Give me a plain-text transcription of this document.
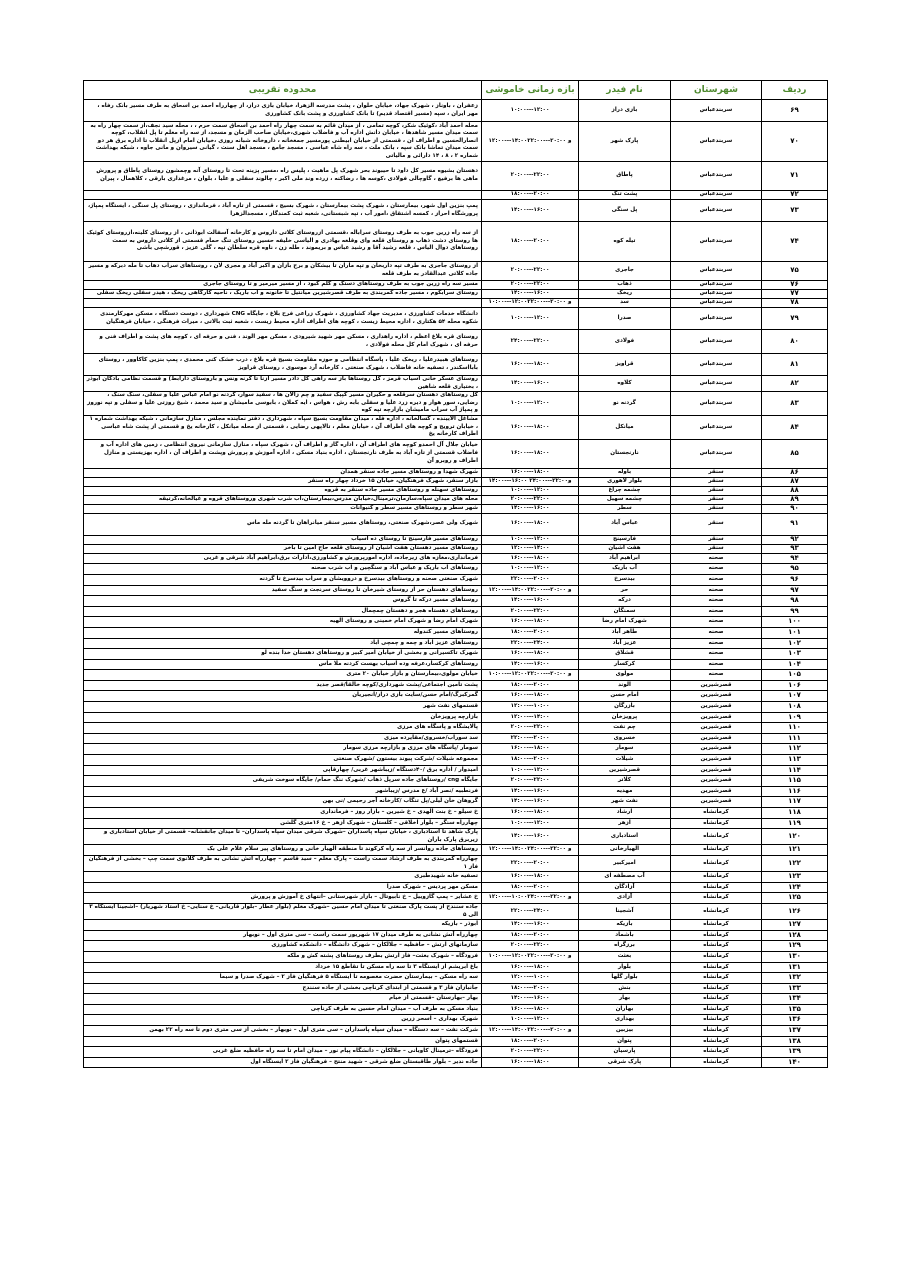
ردیف	شهرستان	نام فیدر	بازه زمانی خاموشی	محدوده تقریبی
۶۹	سربندعباس	بازی دراز	۱۰:۰۰---۱۲:۰۰	زعفران ، باوناز ، شهرک جهاد، خیابان حلوان ، پشت مدرسه الزهرا، خیابان بازی دراز، از چهارراه احمد بن اسحاق به طرف مسیر بانک رفاه ، مهر ایران ، سپه (مسیر اقتصاد قدیم) تا بانک کشاورزی و پشت بانک کشاورزی
۷۰	سربندعباس	پارک شهر	۱۲:۰۰---۱۴:۰۰و ۲۰:۰۰---۲۲:۰۰	محله احمد آباد ،کوئیک شکر، کوچه تمامی ، از میدان قائم به سمت چهار راه احمد بن اسحاق سمت حرم ، ، محله سید نجف،از سمت چهار راه به سمت میدان مسیر شاهدها ، خیابان دانش اداره آب و فاضلاب شهری،خیابان صاحب الزمان و مسجد، از سه راه معلم تا پل انقلاب، کوچه انصارالحسین و اطراف ان ، قسمتی از خیابان ابیطنی پورمسیر جمعخانه ، داروخانه شبانه روزی ،خیابان امام ازپل انقلاب تا اداره برق هر دو سمت میدان تماشا بانک سپه ، بانک ملت ، سه راه شاه عباسی ، مسجد جامع ، مسجد اهل سنت ، گیانی سیروان و مانی جاوه ، شبکه بهداشت شماره ۲ ، ۸ ، ۱۴ دارائی و مالیاتی
۷۱	سربندعباس	پاطاق	۲۰:۰۰---۲۲:۰۰	دهستان بشیوه مسیر کل داود تا حیبوند بحر شهرک پل ماهیت ، پلیس راه ،مسیر پزینه تحت تا روستای آنه وچمشون روستای پاطاق و پرورش ماهی ها برفیع ، گاوچالی فولادی ،کوسه ها ، رضاکنه ، زرده وند ملی اکبر ، چالوند سفلی و علیا ، بلوان ، مرغداری بارقی ، کلاهمال ، پیران
۷۲	سربندعباس	پشت تنگ	۱۸:۰۰---۲۰:۰۰	
۷۳	سربندعباس	پل سنگی	۱۴:۰۰---۱۶:۰۰	پمپ بنزین اول شهر، بیمارستان ، شهرک پشت بیمارستان ، شهرک بسیج ، قسمتی از تازه آباد ، فرماندازی ، روستای پل سنگی ، ایستگاه پمپاژ، پرورشگاه احراز ، کمسه اشتقاق ،امور آب ، تپه شبستانی، شعبه ثبت کمندگاز ، مسجدالزهرا
۷۴	سربندعباس	تیله کوه	۱۸:۰۰---۲۰:۰۰	از سه راه زرین جوب به طرف روستای سراباله ،قسمتی ازروستای کلاتی داروس و کارخانه آسفالت ابوذانی ، از روستای کلینه،ازروستای کوئیک ها روستای دشت ذهاب و روستای قلعه وای وقلعه بهادری و الیاسی خلیفه حسین روستای تنگ حمام قسمتی از کلاتی داروس به سمت روستاهای دوال الیاس ، قلعه رشید آقا و رشید عباس و بریموند ، طله زن ، ناوه قره سلطان تپه ، گلی عزیز ، قورشچی باشی
۷۵	سربندعباس	جاجری	۲۰:۰۰---۲۲:۰۰	از روستای جاجری به طرف تپه داربخان و تپه ماران تا بیشکان و برج بازان و اکبر آباد و مجری لان ، روستاهای سراب دهاب تا مله دبرکه و مسیر جاده کلاتی عبدالقادر به طرف قلعه
۷۶	سربندعباس	ذهاب	۲۰:۰۰---۲۲:۰۰	مسیر سه راه زرین جوب به طرف روستاهای دستگ و گلم کبود ، از مسیر میرمیر و تا روستای جاجری
۷۷	سربندعباس	ریخک	۱۴:۰۰---۱۶:۰۰	روستای سرابکوم ، مسیر جاده کمربندی به طرف قصرشیرین میانتیل تا خانونه و اب باریک ، ناحیه کارگاهی ریخک ، هیدر سفلی ریخک سفلی
۷۸	سربندعباس	سد	۱۰:۰۰---۱۲:۰۰و ۲۰:۰۰---۲۲:۰۰	
۷۹	سربندعباس	صدرا	۱۰:۰۰---۱۲:۰۰	دانشگاه خدمات کشاورزی ، مدیریت جهاد کشاورزی ، شهرک زراعی فرح بلاغ ، جایگاه CNG شهرداری ، دوست دستگاه ، مسکن مهرکارمندی شکوه محله ۵۴ هکتاری ، اداره محیط زیست ، کوچه های اطراف اداره محیط زیست ، شعبه ثبت بالاتی ، میراث فرهنگی ، خیابان فرهنگیان
۸۰	سربندعباس	فولادی	۲۴:۰۰---۲۲:۰۰	روستای قره بلاغ اعظم ، اداره راهداری ، مسکن مهر شهید شیرودی ، مسکن مهر الوند ، فنی و حرفه ای ، کوچه های پشت و اطراف فنی و حرفه ای ، شهرک امام کل محله فولادی ،
۸۱	سربندعباس	قراویز	۱۶:۰۰---۱۸:۰۰	روستاهای هبیدرعلیا ، ریخک علیا ، پاسگاه انتظامی و حوزه مقاومت بسیج قره بلاغ ، درب خشک کنی محمدی ، پمپ بنزین کاکاوور ، روستای بابااسکندر ، تصفیه خانه فاضلاب ، شهرک صنعتی ، کارخانه آرد موسوی ، روستای قراویز
۸۲	سربندعباس	کلاوه	۱۴:۰۰---۱۶:۰۰	روستای عسکر خانی آسیاب قرمز ، کل روستاها باز سه راهی کل دادر مسیر ازنا تا کرنه ونس و باروستای دارابط) و قسمت نظامی بادگان ابوذر ، بختیاری قلعه شاهین
۸۳	سربندعباس	گردنه نو	۱۰:۰۰---۱۲:۰۰	کل روستاهای دهستان سرقلعه و حکیران مسیر کپیک سفید و چم زالان ها ، سفید سوار، گردنه نو آمام عباس علیا و سفلی، سنگ سنگ ، رضایی، سور هوار و دیره زرد علیا و سفلی بابه رش ، هواس ، ایه کملان ، بابوسی مامیشان و سید محمد ، شیخ روزتی علیا و سفلی و تپه نوروز و پمپاژ آب سراب مامیشان بازارچه تپه کوه
۸۴	سربندعباس	میانکل	۱۶:۰۰---۱۸:۰۰	مشاغل آلایینده ، گسالخانه ، اداره فله ، میدان مقاومت بسیج سپاه ، شهرداری ، دفتر نماینده مجلس ، منازل سازمانی ، شبکه بهداشت شماره ۱ ، خیابان ترویج و کوچه های اطراف آن ، خیابان معلم ، تالاپهی رضایی ، قسمتی از محله میانکل ، کارخانه یخ و قسمتی از پشت شاه عباسی اطراف کارخانه یخ
۸۵	سربندعباس	نارنجستان	۱۶:۰۰---۱۸:۰۰	خیابان جلال آل احمدو کوچه های اطراف آن ، اداره گاز و اطراف آن ، شهرک سپاه ، منازل سازمانی نیروی انتظامی ، زمین های اداره آب و فاضلاب قسمتی از تازه آباد به طرف نارنجستان ، اداره بنیاد مسکن ، اداره آموزش و پرورش وپشت و اطراف آن ، اداره بهزیستی و منازل اطراف و روبرو آن
۸۶	سنقر	باوله	۱۶:۰۰---۱۸:۰۰	شهرک شهدا و روستاهای مسیر جاده سنقر همدان
۸۷	سنقر	بلوار لاهوری	۱۴:۰۰---۱۶:۰۰ و۲۲:۰۰---۲۴:۰۰	بازار سنقر، شهرک فرهنگیان، خیابان ۱۵ خرداد چهار راه سنقر
۸۸	سنقر	چشمه چراغ	۱۰:۰۰---۱۲:۰۰	روستاهای سهنله و روستاهای مسیر جاده سنقر به قروه
۸۹	سنقر	چشمه سهیل	۲۰:۰۰---۲۲:۰۰	محله های میدان سپاه،سازمان،ترمینال،خیابان مدرس،بیمارستان،اب شرب شهری وروستاهای قروه و غیالخانه،کرتیقه
۹۰	سنقر	سطر	۱۴:۰۰---۱۶:۰۰	شهر سطر و روستاهای مسیر سطر و کنیوانات
۹۱	سنقر	عباس آباد	۱۶:۰۰---۱۸:۰۰	شهرک ولی عصر،شهرک صنعتی، روستاهای مسیر سنقر میانراهان تا گردنه مله ماس
۹۲	سنقر	فارسینج	۱۰:۰۰---۱۲:۰۰	روستاهای مسیر فارسینج تا روستای ده اسیاب
۹۳	سنقر	هفت آشیان	۱۲:۰۰---۱۴:۰۰	روستاهای مسیر دهستان هفت آشیان از روستای قلعه حاج امین تا باخر
۹۴	صحنه	ابراهیم آباد	۱۶:۰۰---۱۸:۰۰	فرمانداری،مغازه های زیرجاده، اداره امورپرورش و کشاورزی،ادارات برق،ابراهیم آباد شرقی و غربی
۹۵	صحنه	آب باریک	۱۰:۰۰---۱۲:۰۰	روستاهای اب باریک و عباس آباد و سنگچین و اب شرب صحنه
۹۶	صحنه	بیدسرخ	۲۲:۰۰---۲۰:۰۰	شهرک صنعتی صحنه و روستاهای بیدسرخ و دروویشان و سراب بیدسرخ تا گردنه
۹۷	صحنه	حر	۱۲:۰۰---۱۴:۰۰و ۲۰:۰۰---۲۲:۰۰	روستاهای دهستان حر از روستای شیرخان تا روستای سرنجت و سنگ سفید
۹۸	صحنه	درکه	۱۴:۰۰---۱۶:۰۰	روستاهای مسیر درکه تا گروس
۹۹	صحنه	سمنگان	۲۰:۰۰---۲۲:۰۰	روستاهای دهستاه هجر و دهستان چمچمال
۱۰۰	صحنه	شهرک امام رضا	۱۶:۰۰---۱۸:۰۰	شهرک امام رضا و شهرک امام خمینی و روستای الهیه
۱۰۱	صحنه	طاهر آباد	۱۸:۰۰---۲۰:۰۰	روستاهای مسیر کندوله
۱۰۲	صحنه	عزیز آباد	۲۲:۰۰---۲۴:۰۰	روستاهای عزیز اباد و چمه و چمچی اباد
۱۰۳	صحنه	قشلاق	۱۶:۰۰---۱۸:۰۰	شهرک تاکسیرانی و بخشی از خیابان امیر کبیر و روستاهای دهستان خدا بنده لو
۱۰۴	صحنه	کرکسار	۱۴:۰۰---۱۶:۰۰	روستاهای کرکسار،عرفه وده اسیاب بهست کردنه ملا ماس
۱۰۵	صحنه	مولوی	۱۰:۰۰---۱۲:۰۰و ۲۰:۰۰---۲۲:۰۰	خیابان مولوی،بیمارستان و بازار خیابان ۲۰ متری
۱۰۶	قصرشیرین	الوند	۱۸:۰۰---۲۰:۰۰	پشت تامین اجتماعی/پشت شهرداری/کوچه خالقا/قصر جدید
۱۰۷	قصرشیرین	امام حسن	۱۶:۰۰---۱۸:۰۰	گمرکبرگ/امام حسن/سایت بازی دراز/انجیریان
۱۰۸	قصرشیرین	بازرگان	۱۲:۰۰---۱۰:۰۰	قستمهای نفت شهر
۱۰۹	قصرشیرین	پرویزخان	۱۲:۰۰---۱۴:۰۰	بازارچه پرویزخان
۱۱۰	قصرشیرین	چم نفت	۲۰:۰۰---۲۲:۰۰	پالایشگاه و پاسگاه های مرزی
۱۱۱	قصرشیرین	خسروی	۲۲:۰۰---۲۰:۰۰	سد سوراب/خسروی/مقایرده میزی
۱۱۲	قصرشیرین	سومار	۱۶:۰۰---۱۸:۰۰	سومار /پاسگاه های مرزی و بازارچه مرزی سومار
۱۱۳	قصرشیرین	شیلات	۱۸:۰۰---۲۰:۰۰	مجموعه شیلات /شرکت پیوند بیستون /شهرک صنعتی
۱۱۴	قصرشیرین	قصرشیرین	۱۰:۰۰---۱۲:۰۰	امیدوار / اداره برق /۴۰دستگاه /زیباشهر غربی/ چهارقاپی
۱۱۵	قصرشیرین	کلاتر	۲۰:۰۰---۲۲:۰۰	جایگاه cng /روستاهای جاده سرپل ذهاب /شهرک ننگ حمام/ جایگاه سوخت شریفی
۱۱۶	قصرشیرین	مهدیه	۱۴:۰۰---۱۶:۰۰	فرنطبیه /نصر آباد /ع مدرس /زیباشهر
۱۱۷	قصرشیرین	نفت شهر	۱۴:۰۰---۱۶:۰۰	گروهان خان لیلی/پل تنگاب /کارخانه آجر رحیمی /نی بهن
۱۱۸	کرمانشاه	ارشاد	۱۶:۰۰---۱۸:۰۰	خ سیلو – خ بنت الهدی – خ شیرین – بازار روز – فرمانداری
۱۱۹	کرمانشاه	ازهر	۱۰:۰۰---۱۲:۰۰	چهارراه سنگر – بلوار اخلاقی – کلستان – شهرک ازهر – خ ۱۶متری گلشن
۱۲۰	کرمانشاه	استادباری	۱۴:۰۰---۱۶:۰۰	پارک شاهد تا استادباری ، خیابان سپاه پاسداران –شهرک شرقی میدان سپاه پاسداران– تا میدان جانفشانه– قسمتی از خیابان استادباری و زیربرق پارک باران
۱۲۱	کرمانشاه	الهیارخانی	۱۲:۰۰---۱۴:۰۰و ۲۲:۰۰---۲۴:۰۰	روستاهای جاده روانسر از سه راه کرکوند تا منطقه الهیار خانی و روستاهای پیر سلام غلام علی بک
۱۲۲	کرمانشاه	امیرکبیر	۲۲:۰۰---۲۰:۰۰	چهارراه کمربندی به طرف ارشاد سمت راست – پارک معلم – سید قاسم – چهارراه آتش نشانی به طرف کلانوی سمت چپ – بخشی از فرهنگیان فاز ۱
۱۲۳	کرمانشاه	آب مصطفه ای	۱۶:۰۰---۱۸:۰۰	تصفیه خانه شهیدطبری
۱۲۴	کرمانشاه	آزادگان	۱۸:۰۰---۲۰:۰۰	مسکن مهر پردیس – شهرک صدرا
۱۲۵	کرمانشاه	آزادی	۱۲:۰۰---۱۰:۰۰و ۲۲:۰۰---۲۴:۰۰	خ عشایر – پمپ گازوییل – خ نابیوتال – بازار شهرستانی –انتهای خ آموزش و پرورش
۱۲۶	کرمانشاه	آشجینا	۲۲:۰۰---۲۴:۰۰	جاده سنندج از پست پارک صنعتی تا میدان امام حسین –شهرک معلم (بلوار عطار –بلوار قاریانی– خ سنایی– خ استاد شهریار) –آشجینا ایستگاه ۳ الی ۵
۱۲۷	کرمانشاه	بازیکه	۱۴:۰۰---۱۶:۰۰	ابوذر – بازیکه
۱۲۸	کرمانشاه	باشماد	۱۸:۰۰---۲۰:۰۰	چهارراه آتش نشانی به طرف میدان ۱۷ شهریور سمت راست – سی متری اول – نوبهار
۱۲۹	کرمانشاه	برزگراه	۲۰:۰۰---۲۲:۰۰	سازمانهای ارتش – حافظیه – جلالکان – شهرک دانشگاه – دانشکده کشاورزی
۱۳۰	کرمانشاه	بعثت	۱۰:۰۰---۱۲:۰۰و ۲۰:۰۰---۲۲:۰۰	فرودگاه – شهرک بعثت– فاز ارتش بطرف روستاهای پشته کش و ملکه
۱۳۱	کرمانشاه	بلوار	۱۶:۰۰---۱۸:۰۰	باغ ابریشم از ایستگاه ۳ تا سه راه مسکن تا تقاطع ۱۵ خرداد
۱۳۲	کرمانشاه	بلوار گلها	۱۲:۰۰---۱۰:۰۰	سه راه مسکن – بیمارستان حضرت معصومه تا ایستگاه ۵ فرهنگیان فاز ۲ – شهرک صدرا و سیما
۱۳۳	کرمانشاه	بنش	۱۸:۰۰---۲۰:۰۰	جانبازان فاز ۳ و قسمتی از ابتدای کرناچی بخشی از جاده سنندج
۱۳۴	کرمانشاه	بهار	۱۴:۰۰---۱۶:۰۰	بهار –بهارستان –قسمتی از خیام
۱۳۵	کرمانشاه	بهاران	۱۶:۰۰---۱۸:۰۰	بنیاد مسکن به طرف آب – میدان امام حسین به طرف کرناچی
۱۳۶	کرمانشاه	بهداری	۱۰:۰۰---۱۲:۰۰	شهرک بهداری – اسحر زرین
۱۳۷	کرمانشاه	بیزبین	۱۲:۰۰---۱۴:۰۰و ۲۰:۰۰---۲۲:۰۰	شرکت نفت – سه دستگاه – میدان سپاه پاسداران – سی متری اول – نوبهار – بخشی از سی متری دوم تا سه راه ۲۲ بهمن
۱۳۸	کرمانشاه	پتوان	۱۸:۰۰---۲۰:۰۰	قستمهای پتوان
۱۳۹	کرمانشاه	پارسیان	۲۰:۰۰---۲۲:۰۰	فرودگاه –ترمینال کاوبانی – جلالکان – دانشگاه پیام نور – میدان امام تا سه راه حافظیه ضلع غربی
۱۴۰	کرمانشاه	پارک شرقی	۱۶:۰۰---۱۸:۰۰	جاده ندیر – بلوار طاقبستان ضلع شرقی – شهید منتح – فرهنگیان فاز ۲ ایستگاه اول
